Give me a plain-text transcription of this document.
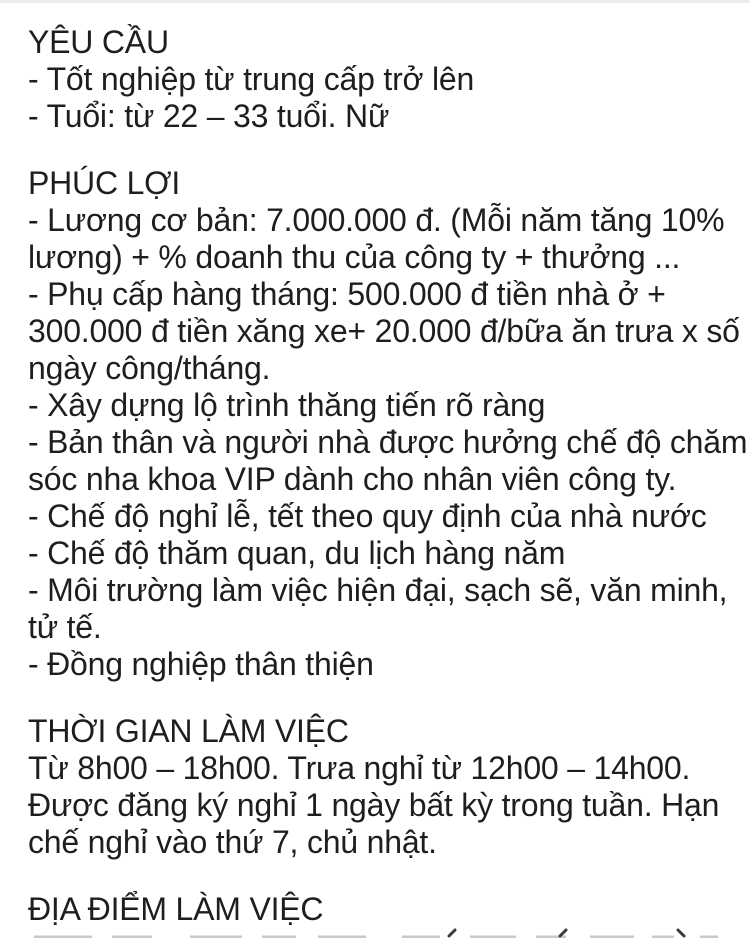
YÊU CẦU
- Tốt nghiệp từ trung cấp trở lên
- Tuổi: từ 22 – 33 tuổi. Nữ
PHÚC LỢI
- Lương cơ bản: 7.000.000 đ. (Mỗi năm tăng 10%
lương) + % doanh thu của công ty + thưởng ...
- Phụ cấp hàng tháng: 500.000 đ tiền nhà ở +
300.000 đ tiền xăng xe+ 20.000 đ/bữa ăn trưa x số
ngày công/tháng.
- Xây dựng lộ trình thăng tiến rõ ràng
- Bản thân và người nhà được hưởng chế độ chăm
sóc nha khoa VIP dành cho nhân viên công ty.
- Chế độ nghỉ lễ, tết theo quy định của nhà nước
- Chế độ thăm quan, du lịch hàng năm
- Môi trường làm việc hiện đại, sạch sẽ, văn minh,
tử tế.
- Đồng nghiệp thân thiện
THỜI GIAN LÀM VIỆC
Từ 8h00 – 18h00. Trưa nghỉ từ 12h00 – 14h00.
Được đăng ký nghỉ 1 ngày bất kỳ trong tuần. Hạn
chế nghỉ vào thứ 7, chủ nhật.
ĐỊA ĐIỂM LÀM VIỆC
